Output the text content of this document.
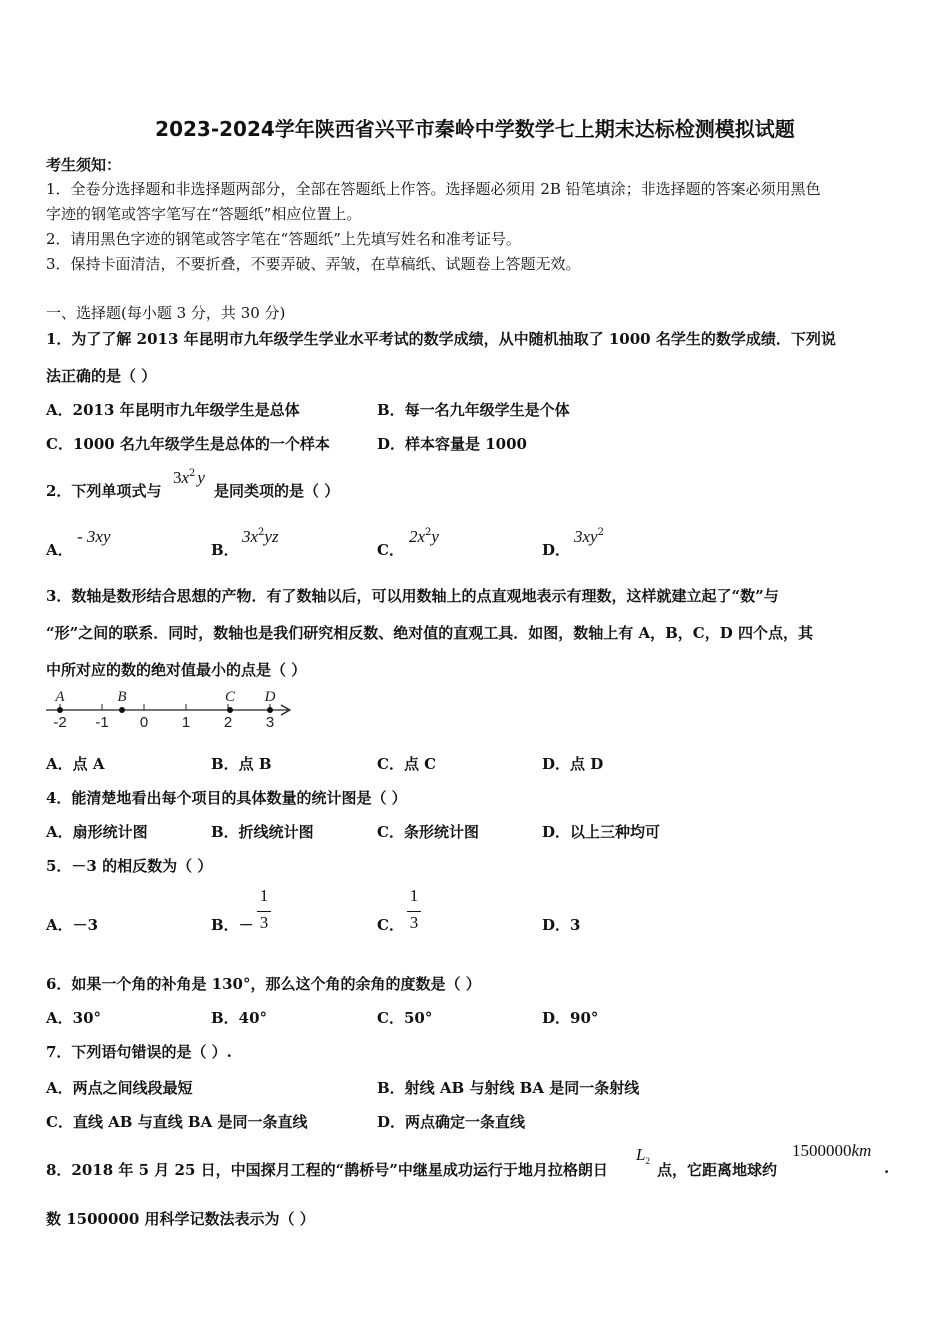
2023-2024学年陕西省兴平市秦岭中学数学七上期末达标检测模拟试题
考生须知：
1．全卷分选择题和非选择题两部分，全部在答题纸上作答。选择题必须用 2B 铅笔填涂；非选择题的答案必须用黑色
字迹的钢笔或答字笔写在“答题纸”相应位置上。
2．请用黑色字迹的钢笔或答字笔在“答题纸”上先填写姓名和准考证号。
3．保持卡面清洁，不要折叠，不要弄破、弄皱，在草稿纸、试题卷上答题无效。
一、选择题(每小题 3 分，共 30 分)
1．为了了解 2013 年昆明市九年级学生学业水平考试的数学成绩，从中随机抽取了 1000 名学生的数学成绩．下列说
法正确的是（ ）
A．2013 年昆明市九年级学生是总体	B．每一名九年级学生是个体
C．1000 名九年级学生是总体的一个样本	D．样本容量是 1000
2．下列单项式与
$3x^2$ y
是同类项的是（ ）
A．
- 3xy
B．
$3x^2yz$
C．
$2x^2y$
D．
$3xy^2$
3．数轴是数形结合思想的产物．有了数轴以后，可以用数轴上的点直观地表示有理数，这样就建立起了“数”与
“形”之间的联系．同时，数轴也是我们研究相反数、绝对值的直观工具．如图，数轴上有 A，B，C，D 四个点，其
中所对应的数的绝对值最小的点是（ ）
-2 -1 0 1 2 3
A	B	C D
A．点 A	B．点 B	C．点 C	D．点 D
4．能清楚地看出每个项目的具体数量的统计图是（ ）
A．扇形统计图	B．折线统计图	C．条形统计图	D．以上三种均可
5．－3 的相反数为（ ）
A．－3	B．－
1
3	C．
1
3	D．3
6．如果一个角的补角是 130°，那么这个角的余角的度数是（ ）
A．30°	B．40°	C．50°	D．90°
7．下列语句错误的是（ ）.
A．两点之间线段最短	B．射线 AB 与射线 BA 是同一条射线
C．直线 AB 与直线 BA 是同一条直线	D．两点确定一条直线
8．2018 年 5 月 25 日，中国探月工程的“鹊桥号”中继星成功运行于地月拉格朗日
$L_2$ 点，它距离地球约
1500000km
.
数 1500000 用科学记数法表示为（ ）
